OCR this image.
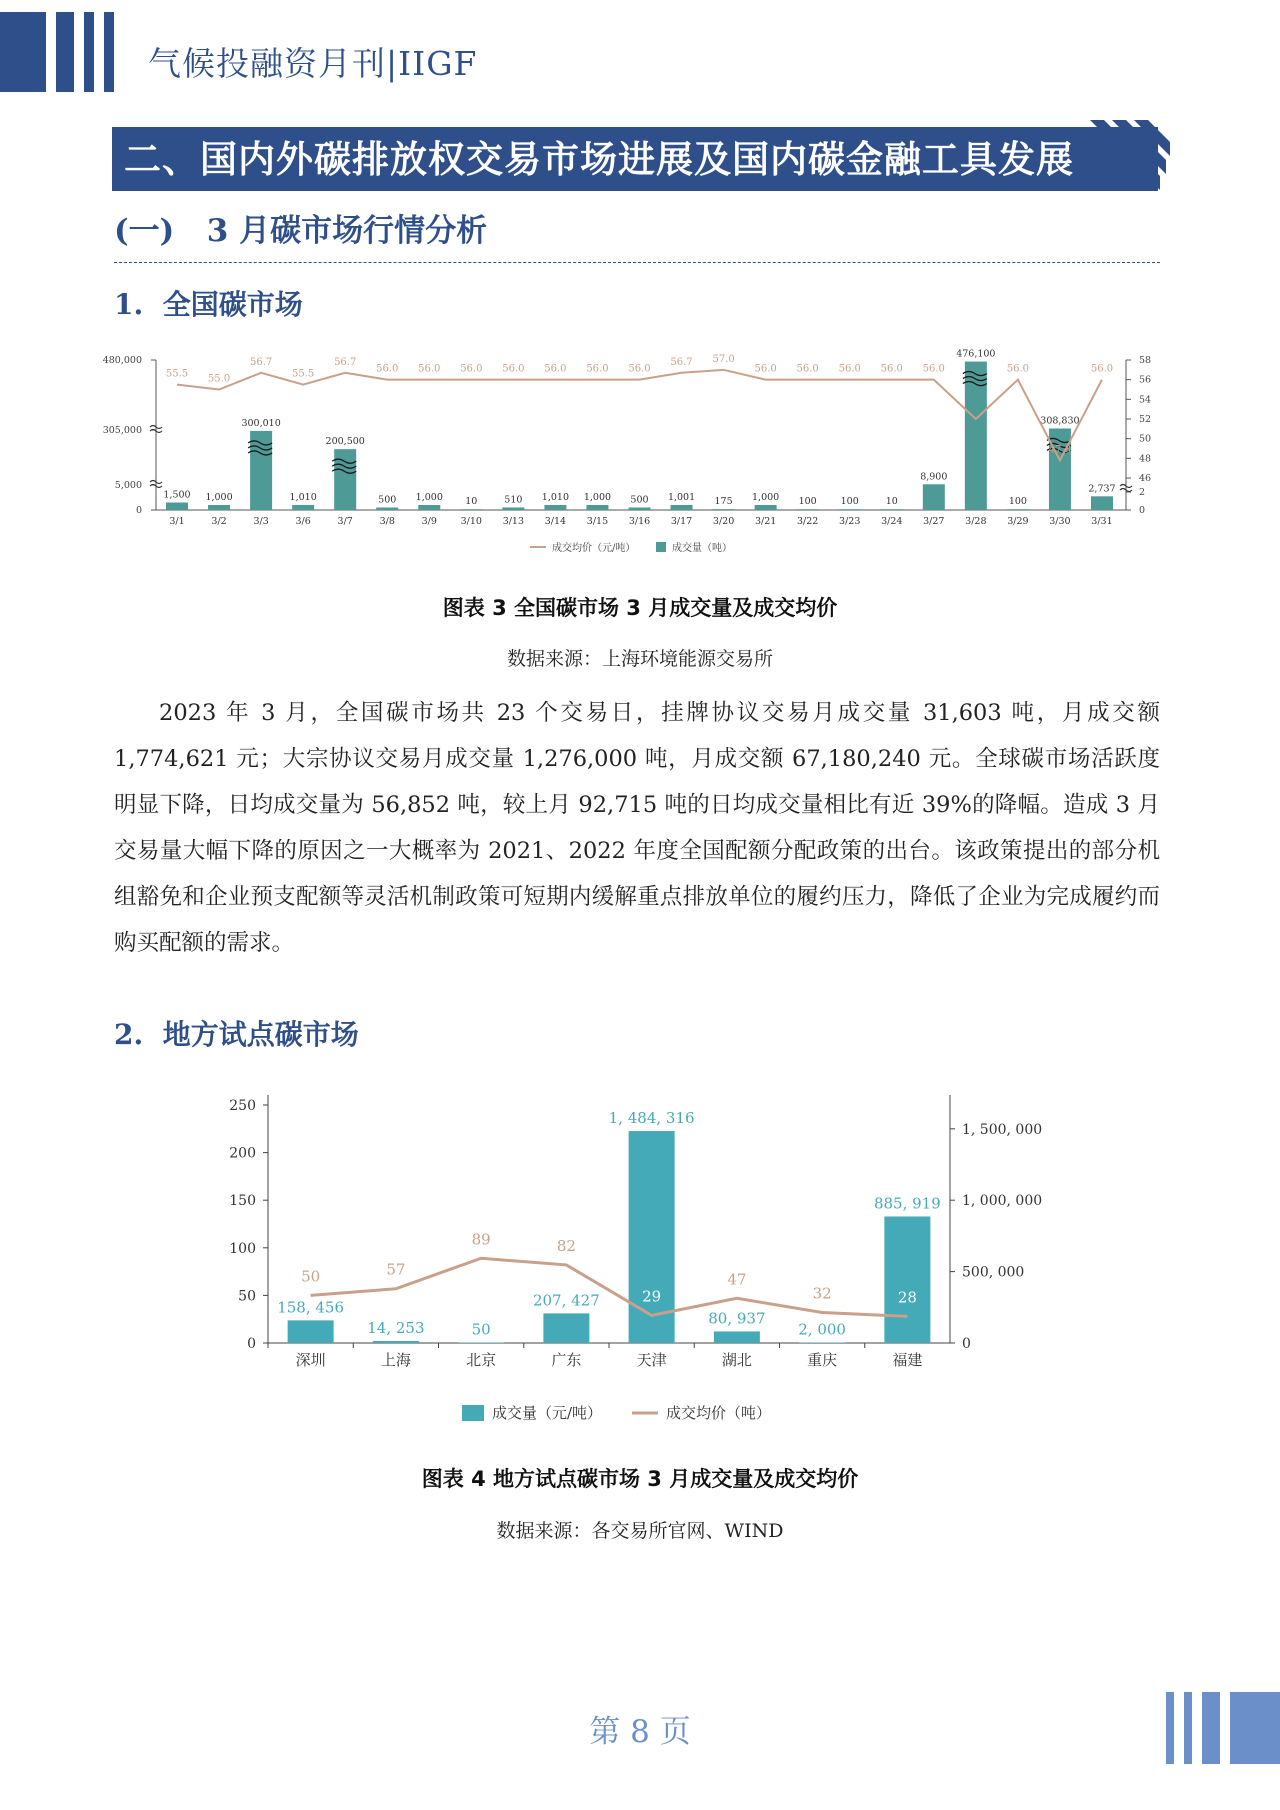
气候投融资月刊|IIGF
二、国内外碳排放权交易市场进展及国内碳金融工具发展
(一)   3 月碳市场行情分析
1.  全国碳市场
480,000
305,000
5,000
0
58
56
54
52
50
48
46
2
0
1,500
3/1
1,000
3/2
300,010
3/3
1,010
3/6
200,500
3/7
500
3/8
1,000
3/9
10
3/10
510
3/13
1,010
3/14
1,000
3/15
500
3/16
1,001
3/17
175
3/20
1,000
3/21
100
3/22
100
3/23
10
3/24
8,900
3/27
476,100
3/28
100
3/29
308,830
3/30
2,737
3/31
55.5 55.0
56.7
55.5
56.7
56.0 56.0 56.0 56.0 56.0 56.0 56.0
56.7 57.0
56.0 56.0 56.0 56.0 56.0	56.0
47.8
56.0
成交均价（元/吨）	成交量（吨）
图表 3 全国碳市场 3 月成交量及成交均价
数据来源：上海环境能源交易所

2023 年 3 月，全国碳市场共 23 个交易日，挂牌协议交易月成交量 31,603 吨，月成交额 1,774,621 元；大宗协议交易月成交量 1,276,000 吨，月成交额 67,180,240 元。全球碳市场活跃度明显下降，日均成交量为 56,852 吨，较上月 92,715 吨的日均成交量相比有近 39%的降幅。造成 3 月交易量大幅下降的原因之一大概率为 2021、2022 年度全国配额分配政策的出台。该政策提出的部分机组豁免和企业预支配额等灵活机制政策可短期内缓解重点排放单位的履约压力，降低了企业为完成履约而购买配额的需求。

2.  地方试点碳市场
250
200
150
100
50
0
1, 500, 000
1, 000, 000
500, 000
0
158, 456
深圳
14, 253
上海
50
北京
207, 427
广东
1, 484, 316
天津
80, 937
湖北
2, 000
重庆
885, 919
福建
50	57
89	82
29
47
32	28
成交量（元/吨）	成交均价（吨）
图表 4 地方试点碳市场 3 月成交量及成交均价
数据来源：各交易所官网、WIND
第 8 页
